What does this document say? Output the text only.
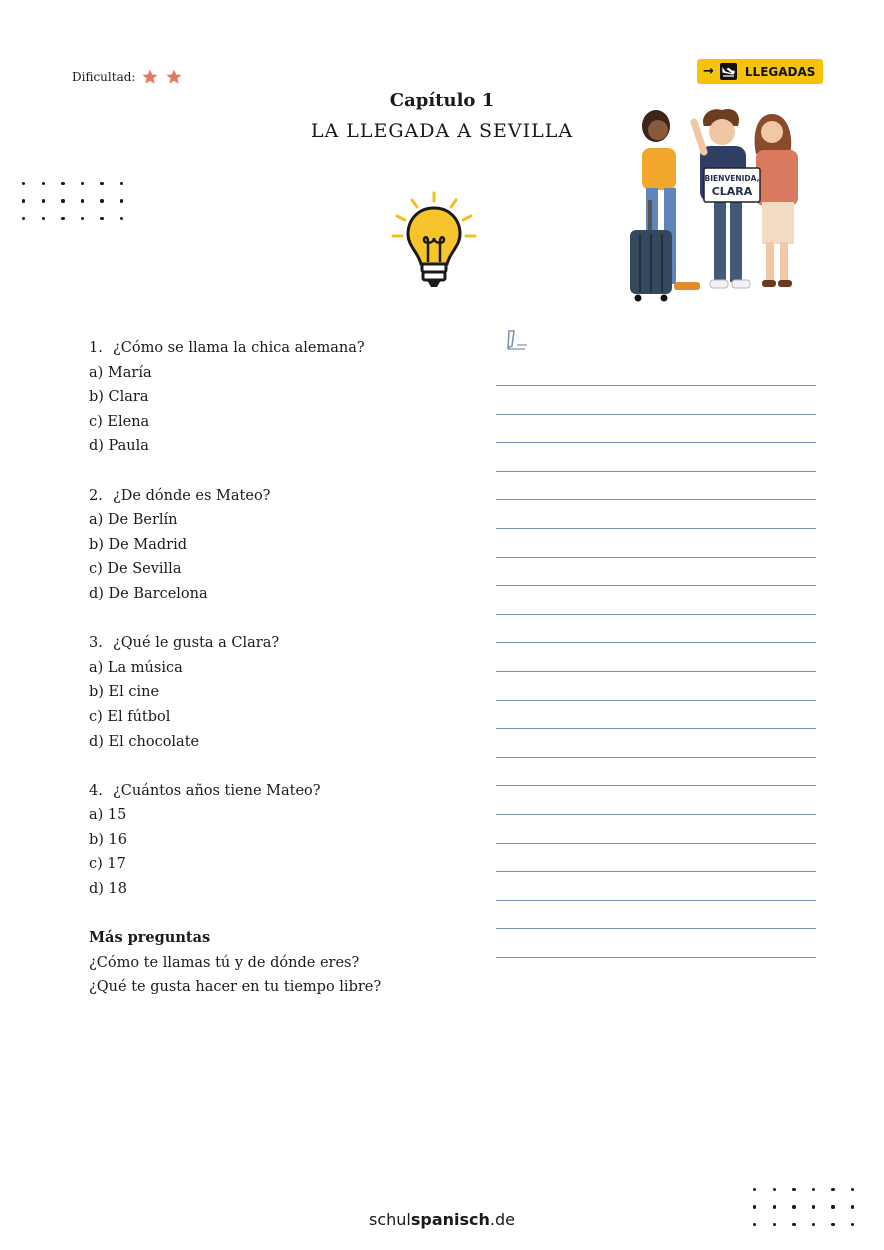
Dificultad:	→	LLEGADAS
Capítulo 1
LA LLEGADA A SEVILLA
BIENVENIDA,
CLARA
1. ¿Cómo se llama la chica alemana?
a) María
b) Clara
c) Elena
d) Paula
2. ¿De dónde es Mateo?
a) De Berlín
b) De Madrid
c) De Sevilla
d) De Barcelona
3. ¿Qué le gusta a Clara?
a) La música
b) El cine
c) El fútbol
d) El chocolate
4. ¿Cuántos años tiene Mateo?
a) 15
b) 16
c) 17
d) 18
Más preguntas
¿Cómo te llamas tú y de dónde eres?
¿Qué te gusta hacer en tu tiempo libre?
schulspanisch.de
